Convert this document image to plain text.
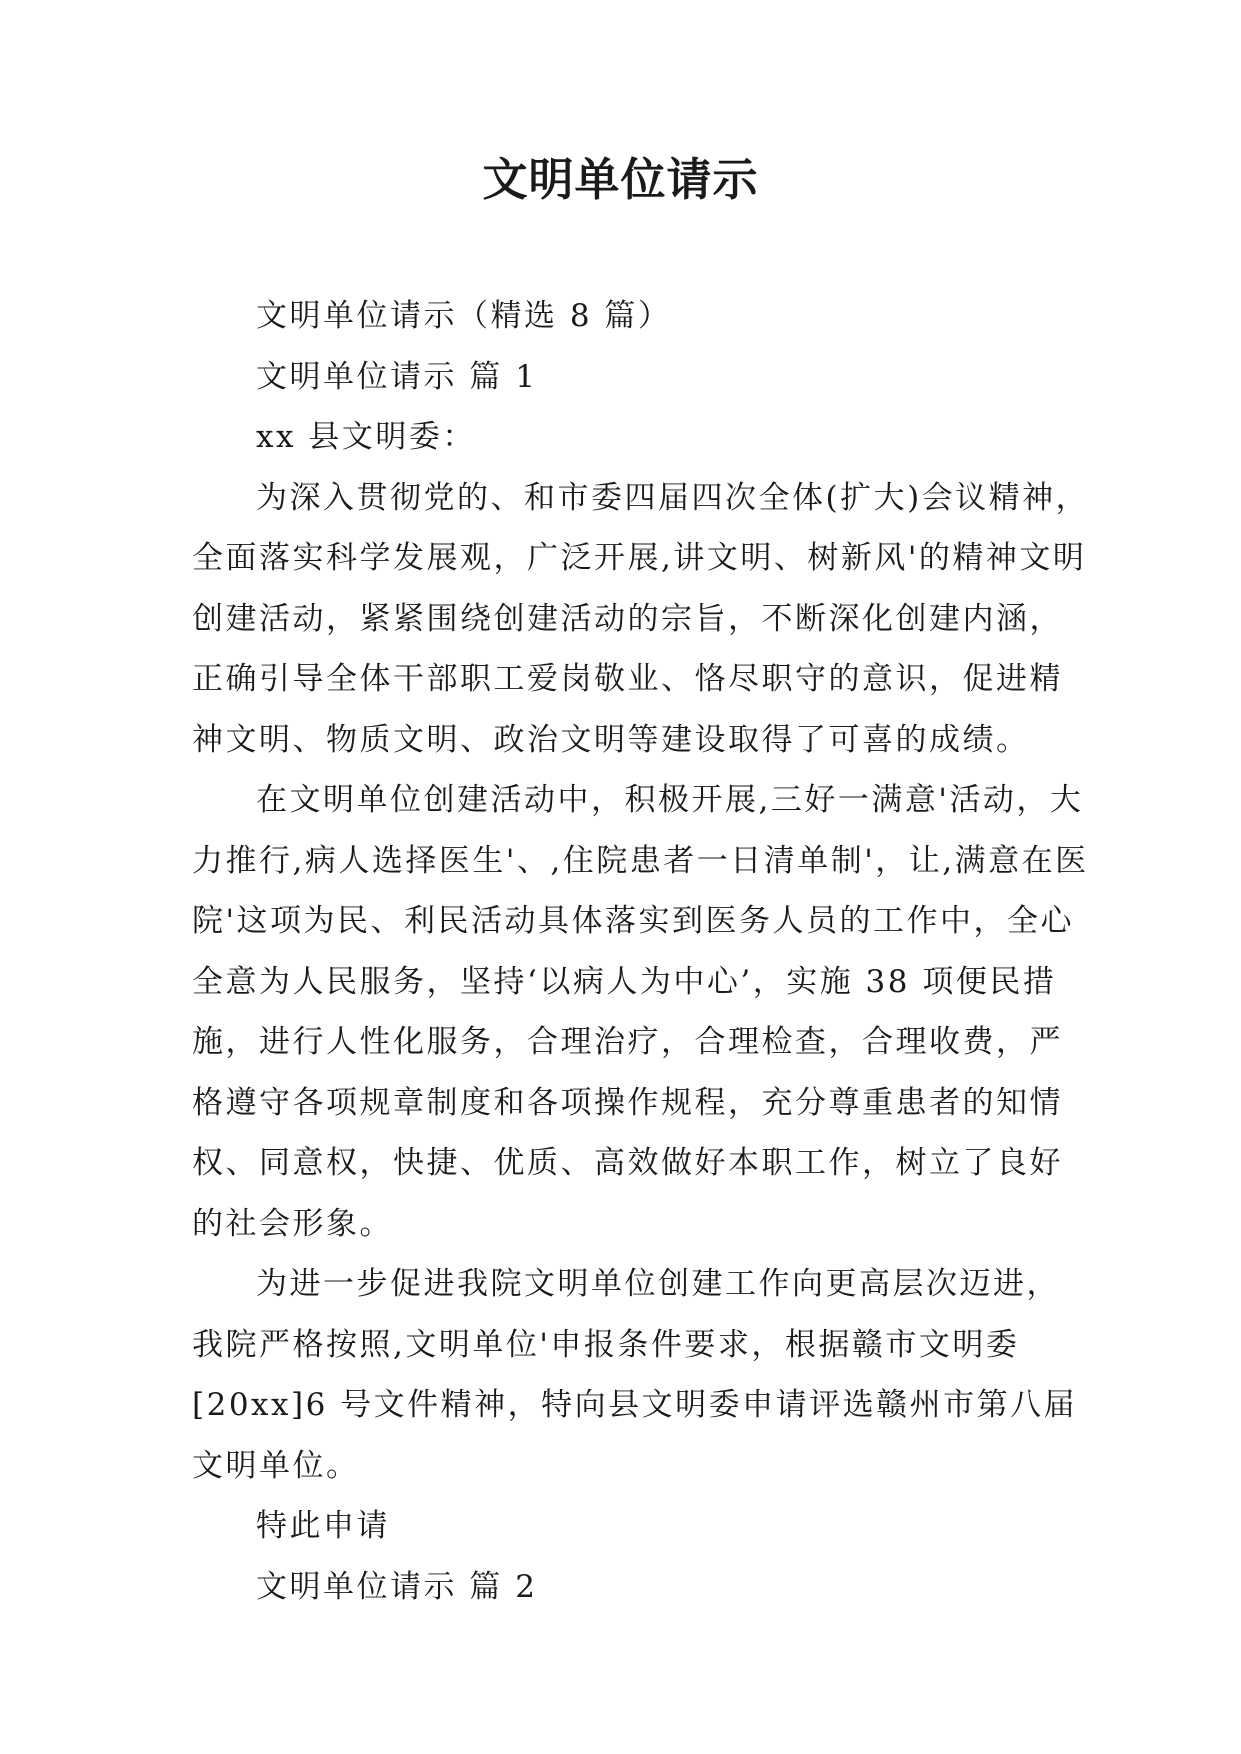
文明单位请示
文明单位请示（精选 8 篇）
文明单位请示 篇 1
xx 县文明委：
为深入贯彻党的、和市委四届四次全体(扩大)会议精神，
全面落实科学发展观，广泛开展,讲文明、树新风'的精神文明
创建活动，紧紧围绕创建活动的宗旨，不断深化创建内涵，
正确引导全体干部职工爱岗敬业、恪尽职守的意识，促进精
神文明、物质文明、政治文明等建设取得了可喜的成绩。
在文明单位创建活动中，积极开展,三好一满意'活动，大
力推行,病人选择医生'、,住院患者一日清单制'，让,满意在医
院'这项为民、利民活动具体落实到医务人员的工作中，全心
全意为人民服务，坚持‘以病人为中心’，实施 38 项便民措
施，进行人性化服务，合理治疗，合理检查，合理收费，严
格遵守各项规章制度和各项操作规程，充分尊重患者的知情
权、同意权，快捷、优质、高效做好本职工作，树立了良好
的社会形象。
为进一步促进我院文明单位创建工作向更高层次迈进，
我院严格按照,文明单位'申报条件要求，根据赣市文明委
[20xx]6 号文件精神，特向县文明委申请评选赣州市第八届
文明单位。
特此申请
文明单位请示 篇 2
